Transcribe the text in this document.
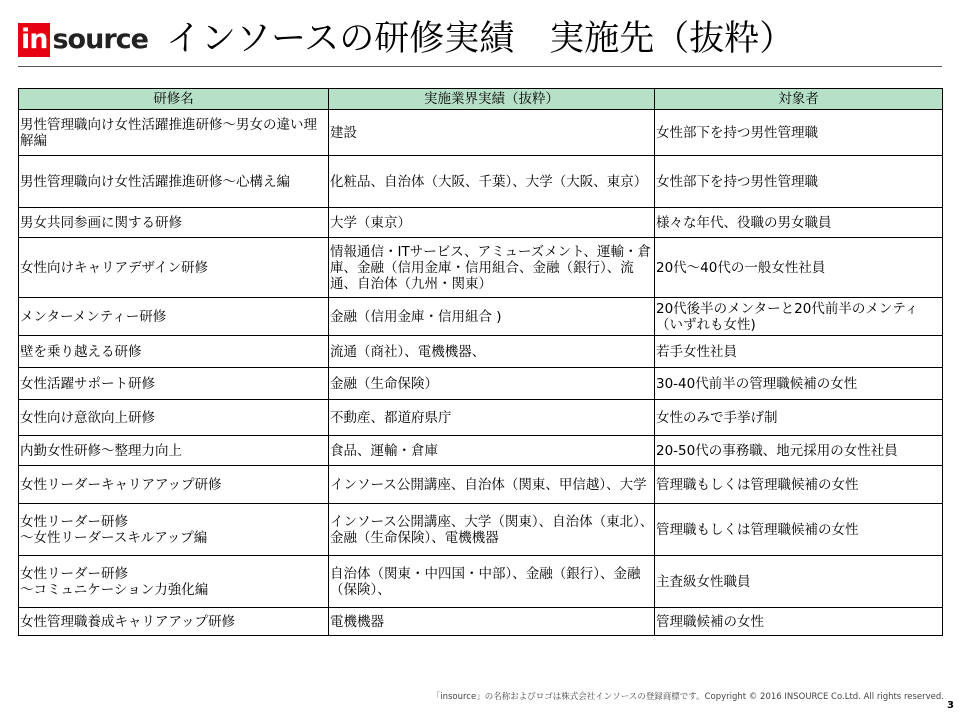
in source インソースの研修実績　実施先（抜粋）
研修名	実施業界実績（抜粋）	対象者
男性管理職向け女性活躍推進研修～男女の違い理解編	建設	女性部下を持つ男性管理職
男性管理職向け女性活躍推進研修～心構え編	化粧品、自治体（大阪、千葉）、大学（大阪、東京）	女性部下を持つ男性管理職
男女共同参画に関する研修	大学（東京）	様々な年代、役職の男女職員
女性向けキャリアデザイン研修	情報通信・ITサービス、アミューズメント、運輸・倉庫、金融（信用金庫・信用組合、金融（銀行）、流通、自治体（九州・関東）	20代～40代の一般女性社員
メンターメンティー研修	金融（信用金庫・信用組合 )	20代後半のメンターと20代前半のメンティ（いずれも女性)
壁を乗り越える研修	流通（商社）、電機機器、	若手女性社員
女性活躍サポート研修	金融（生命保険）	30-40代前半の管理職候補の女性
女性向け意欲向上研修	不動産、都道府県庁	女性のみで手挙げ制
内勤女性研修～整理力向上	食品、運輸・倉庫	20-50代の事務職、地元採用の女性社員
女性リーダーキャリアアップ研修	インソース公開講座、自治体（関東、甲信越）、大学	管理職もしくは管理職候補の女性
女性リーダー研修
～女性リーダースキルアップ編	インソース公開講座、大学（関東）、自治体（東北）、金融（生命保険）、電機機器	管理職もしくは管理職候補の女性
女性リーダー研修
～コミュニケーション力強化編	自治体（関東・中四国・中部）、金融（銀行）、金融（保険）、	主査級女性職員
女性管理職養成キャリアアップ研修	電機機器	管理職候補の女性
「insource」の名称およびロゴは株式会社インソースの登録商標です。Copyright © 2016 INSOURCE Co.Ltd. All rights reserved.
3
